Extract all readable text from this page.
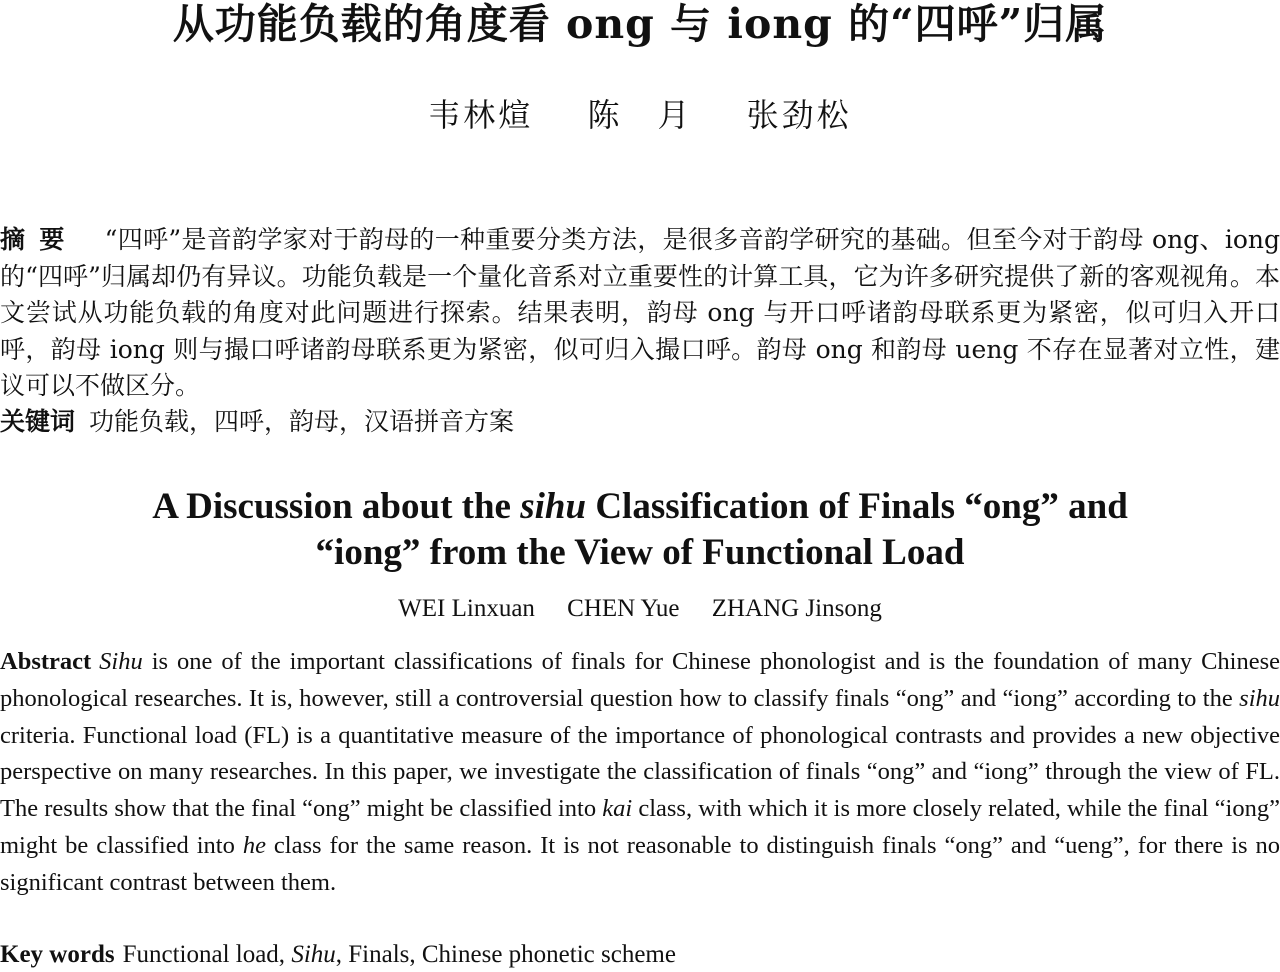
从功能负载的角度看 ong 与 iong 的“四呼”归属
韦林煊 陈　月 张劲松
摘要 “四呼”是音韵学家对于韵母的一种重要分类方法，是很多音韵学研究的基础。但至今对于韵母 ong、iong 的“四呼”归属却仍有异议。功能负载是一个量化音系对立重要性的计算工具，它为许多研究提供了新的客观视角。本文尝试从功能负载的角度对此问题进行探索。结果表明，韵母 ong 与开口呼诸韵母联系更为紧密，似可归入开口呼，韵母 iong 则与撮口呼诸韵母联系更为紧密，似可归入撮口呼。韵母 ong 和韵母 ueng 不存在显著对立性，建议可以不做区分。
关键词 功能负载，四呼，韵母，汉语拼音方案
A Discussion about the sihu Classification of Finals “ong” and
“iong” from the View of Functional Load
WEI Linxuan CHEN Yue ZHANG Jinsong
Abstract Sihu is one of the important classifications of finals for Chinese phonologist and is the foundation of many Chinese phonological researches. It is, however, still a controversial question how to classify finals “ong” and “iong” according to the sihu criteria. Functional load (FL) is a quantitative measure of the importance of phonological contrasts and provides a new objective perspective on many researches. In this paper, we investigate the classification of finals “ong” and “iong” through the view of FL. The results show that the final “ong” might be classified into kai class, with which it is more closely related, while the final “iong” might be classified into he class for the same reason. It is not reasonable to distinguish finals “ong” and “ueng”, for there is no significant contrast between them.
Key words Functional load, Sihu, Finals, Chinese phonetic scheme
